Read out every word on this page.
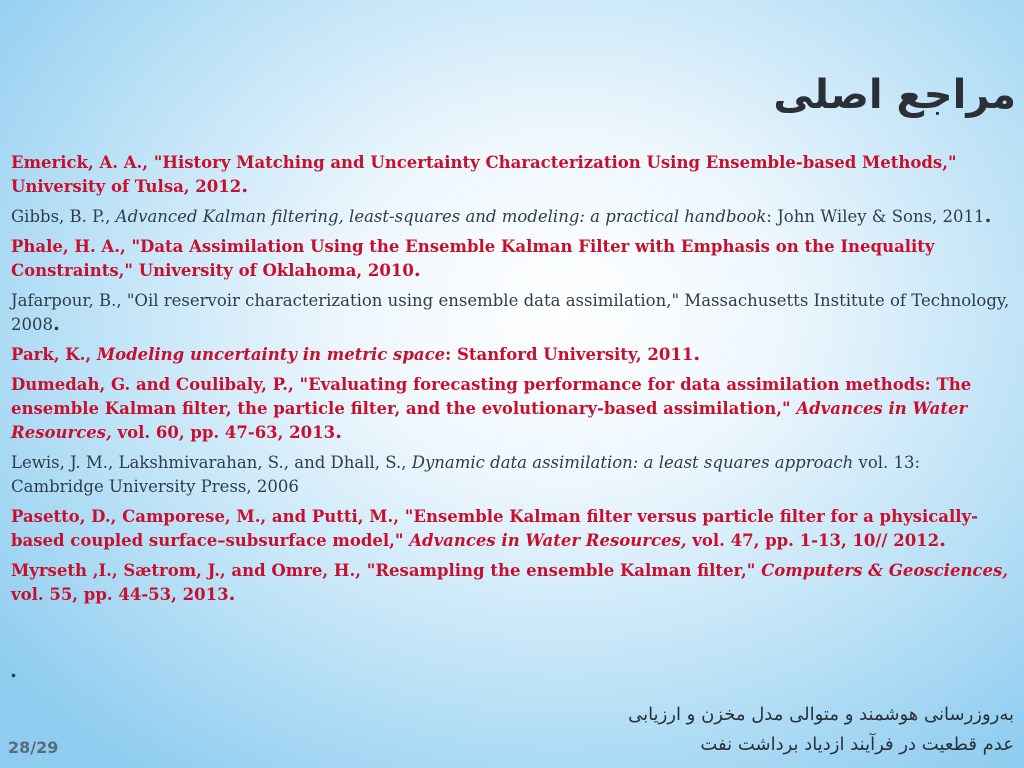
مراجع اصلی

Emerick, A. A., "History Matching and Uncertainty Characterization Using Ensemble-based Methods," University of Tulsa, 2012.

Gibbs, B. P., Advanced Kalman filtering, least-squares and modeling: a practical handbook: John Wiley & Sons, 2011.

Phale, H. A., "Data Assimilation Using the Ensemble Kalman Filter with Emphasis on the Inequality Constraints," University of Oklahoma, 2010.

Jafarpour, B., "Oil reservoir characterization using ensemble data assimilation," Massachusetts Institute of Technology, 2008.

Park, K., Modeling uncertainty in metric space: Stanford University, 2011.

Dumedah, G. and Coulibaly, P., "Evaluating forecasting performance for data assimilation methods: The ensemble Kalman filter, the particle filter, and the evolutionary-based assimilation," Advances in Water Resources, vol. 60, pp. 47-63, 2013.

Lewis, J. M., Lakshmivarahan, S., and Dhall, S., Dynamic data assimilation: a least squares approach vol. 13: Cambridge University Press, 2006

Pasetto, D., Camporese, M., and Putti, M., "Ensemble Kalman filter versus particle filter for a physically-based coupled surface–subsurface model," Advances in Water Resources, vol. 47, pp. 1-13, 10// 2012.

Myrseth ,I., Sætrom, J., and Omre, H., "Resampling the ensemble Kalman filter," Computers & Geosciences, vol. 55, pp. 44-53, 2013.

.
به‌روزرسانی هوشمند و متوالی مدل مخزن و ارزیابی
عدم قطعیت در فرآیند ازدیاد برداشت نفت
28/29
